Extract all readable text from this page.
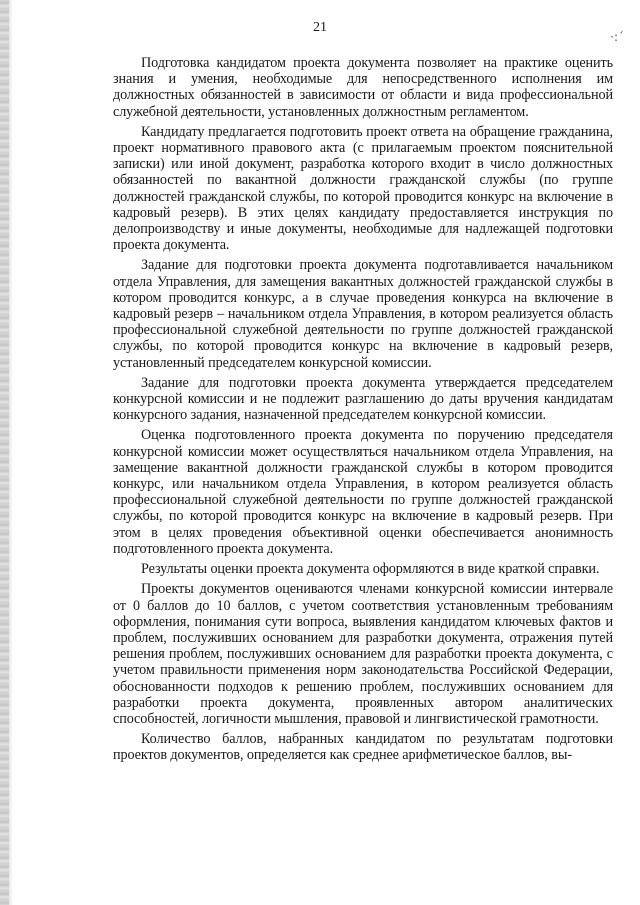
·:´
21

Подготовка кандидатом проекта документа позволяет на практике оценить знания и умения, необходимые для непосредственного исполнения им должностных обязанностей в зависимости от области и вида профессиональной служебной деятельности, установленных должностным регламентом.

Кандидату предлагается подготовить проект ответа на обращение гражданина, проект нормативного правового акта (с прилагаемым проектом пояснительной записки) или иной документ, разработка которого входит в число должностных обязанностей по вакантной должности гражданской службы (по группе должностей гражданской службы, по которой проводится конкурс на включение в кадровый резерв). В этих целях кандидату предоставляется инструкция по делопроизводству и иные документы, необходимые для надлежащей подготовки проекта документа.

Задание для подготовки проекта документа подготавливается начальником отдела Управления, для замещения вакантных должностей гражданской службы в котором проводится конкурс, а в случае проведения конкурса на включение в кадровый резерв – начальником отдела Управления, в котором реализуется область профессиональной служебной деятельности по группе должностей гражданской службы, по которой проводится конкурс на включение в кадровый резерв, установленный председателем конкурсной комиссии.

Задание для подготовки проекта документа утверждается председателем конкурсной комиссии и не подлежит разглашению до даты вручения кандидатам конкурсного задания, назначенной председателем конкурсной комиссии.

Оценка подготовленного проекта документа по поручению председателя конкурсной комиссии может осуществляться начальником отдела Управления, на замещение вакантной должности гражданской службы в котором проводится конкурс, или начальником отдела Управления, в котором реализуется область профессиональной служебной деятельности по группе должностей гражданской службы, по которой проводится конкурс на включение в кадровый резерв. При этом в целях проведения объективной оценки обеспечивается анонимность подготовленного проекта документа.

Результаты оценки проекта документа оформляются в виде краткой справки.

Проекты документов оцениваются членами конкурсной комиссии интервале от 0 баллов до 10 баллов, с учетом соответствия установленным требованиям оформления, понимания сути вопроса, выявления кандидатом ключевых фактов и проблем, послуживших основанием для разработки документа, отражения путей решения проблем, послуживших основанием для разработки проекта документа, с учетом правильности применения норм законодательства Российской Федерации, обоснованности подходов к решению проблем, послуживших основанием для разработки проекта документа, проявленных автором аналитических способностей, логичности мышления, правовой и лингвистической грамотности.

Количество баллов, набранных кандидатом по результатам подготовки проектов документов, определяется как среднее арифметическое баллов, вы-
